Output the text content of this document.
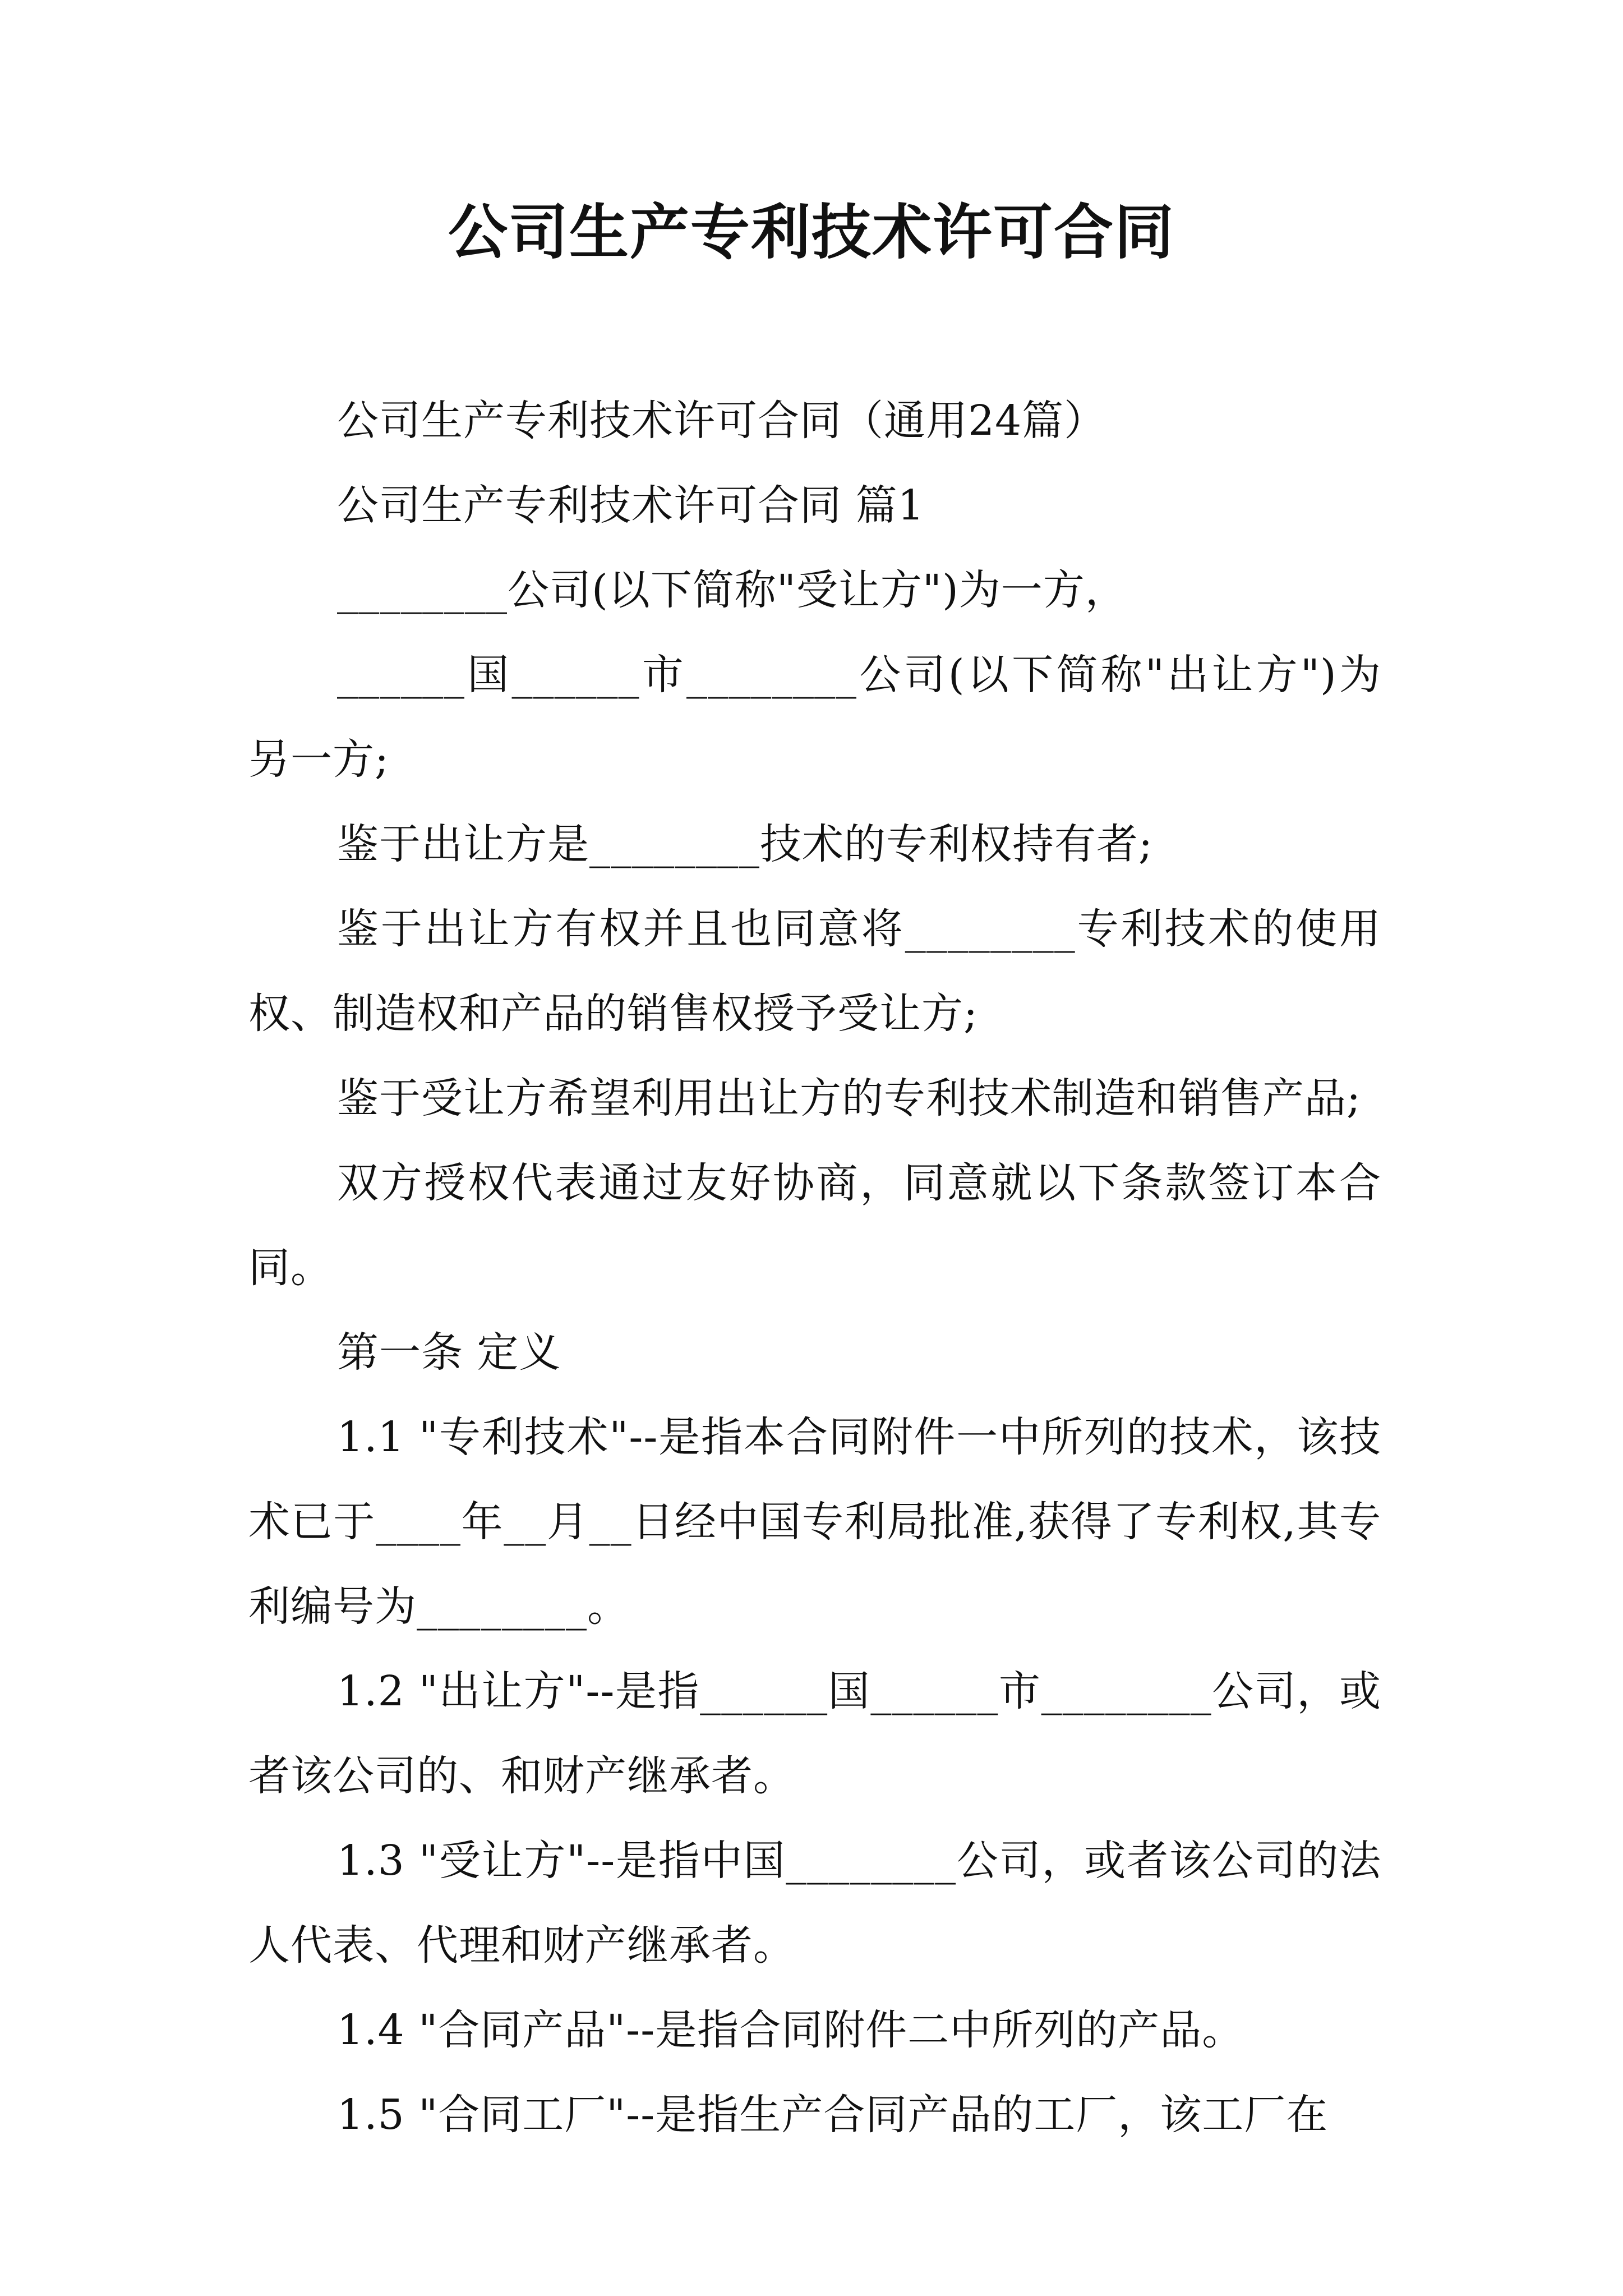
公司生产专利技术许可合同

公司生产专利技术许可合同（通用24篇）

公司生产专利技术许可合同 篇1

________公司(以下简称"受让方")为一方，

______国______市________公司(以下简称"出让方")为另一方;

鉴于出让方是________技术的专利权持有者;

鉴于出让方有权并且也同意将________专利技术的使用权、制造权和产品的销售权授予受让方;

鉴于受让方希望利用出让方的专利技术制造和销售产品;

双方授权代表通过友好协商，同意就以下条款签订本合同。

第一条 定义

1.1 "专利技术"--是指本合同附件一中所列的技术，该技术已于____年__月__日经中国专利局批准,获得了专利权,其专利编号为________。

1.2 "出让方"--是指______国______市________公司，或者该公司的、和财产继承者。

1.3 "受让方"--是指中国________公司，或者该公司的法人代表、代理和财产继承者。

1.4 "合同产品"--是指合同附件二中所列的产品。

1.5 "合同工厂"--是指生产合同产品的工厂，该工厂在
